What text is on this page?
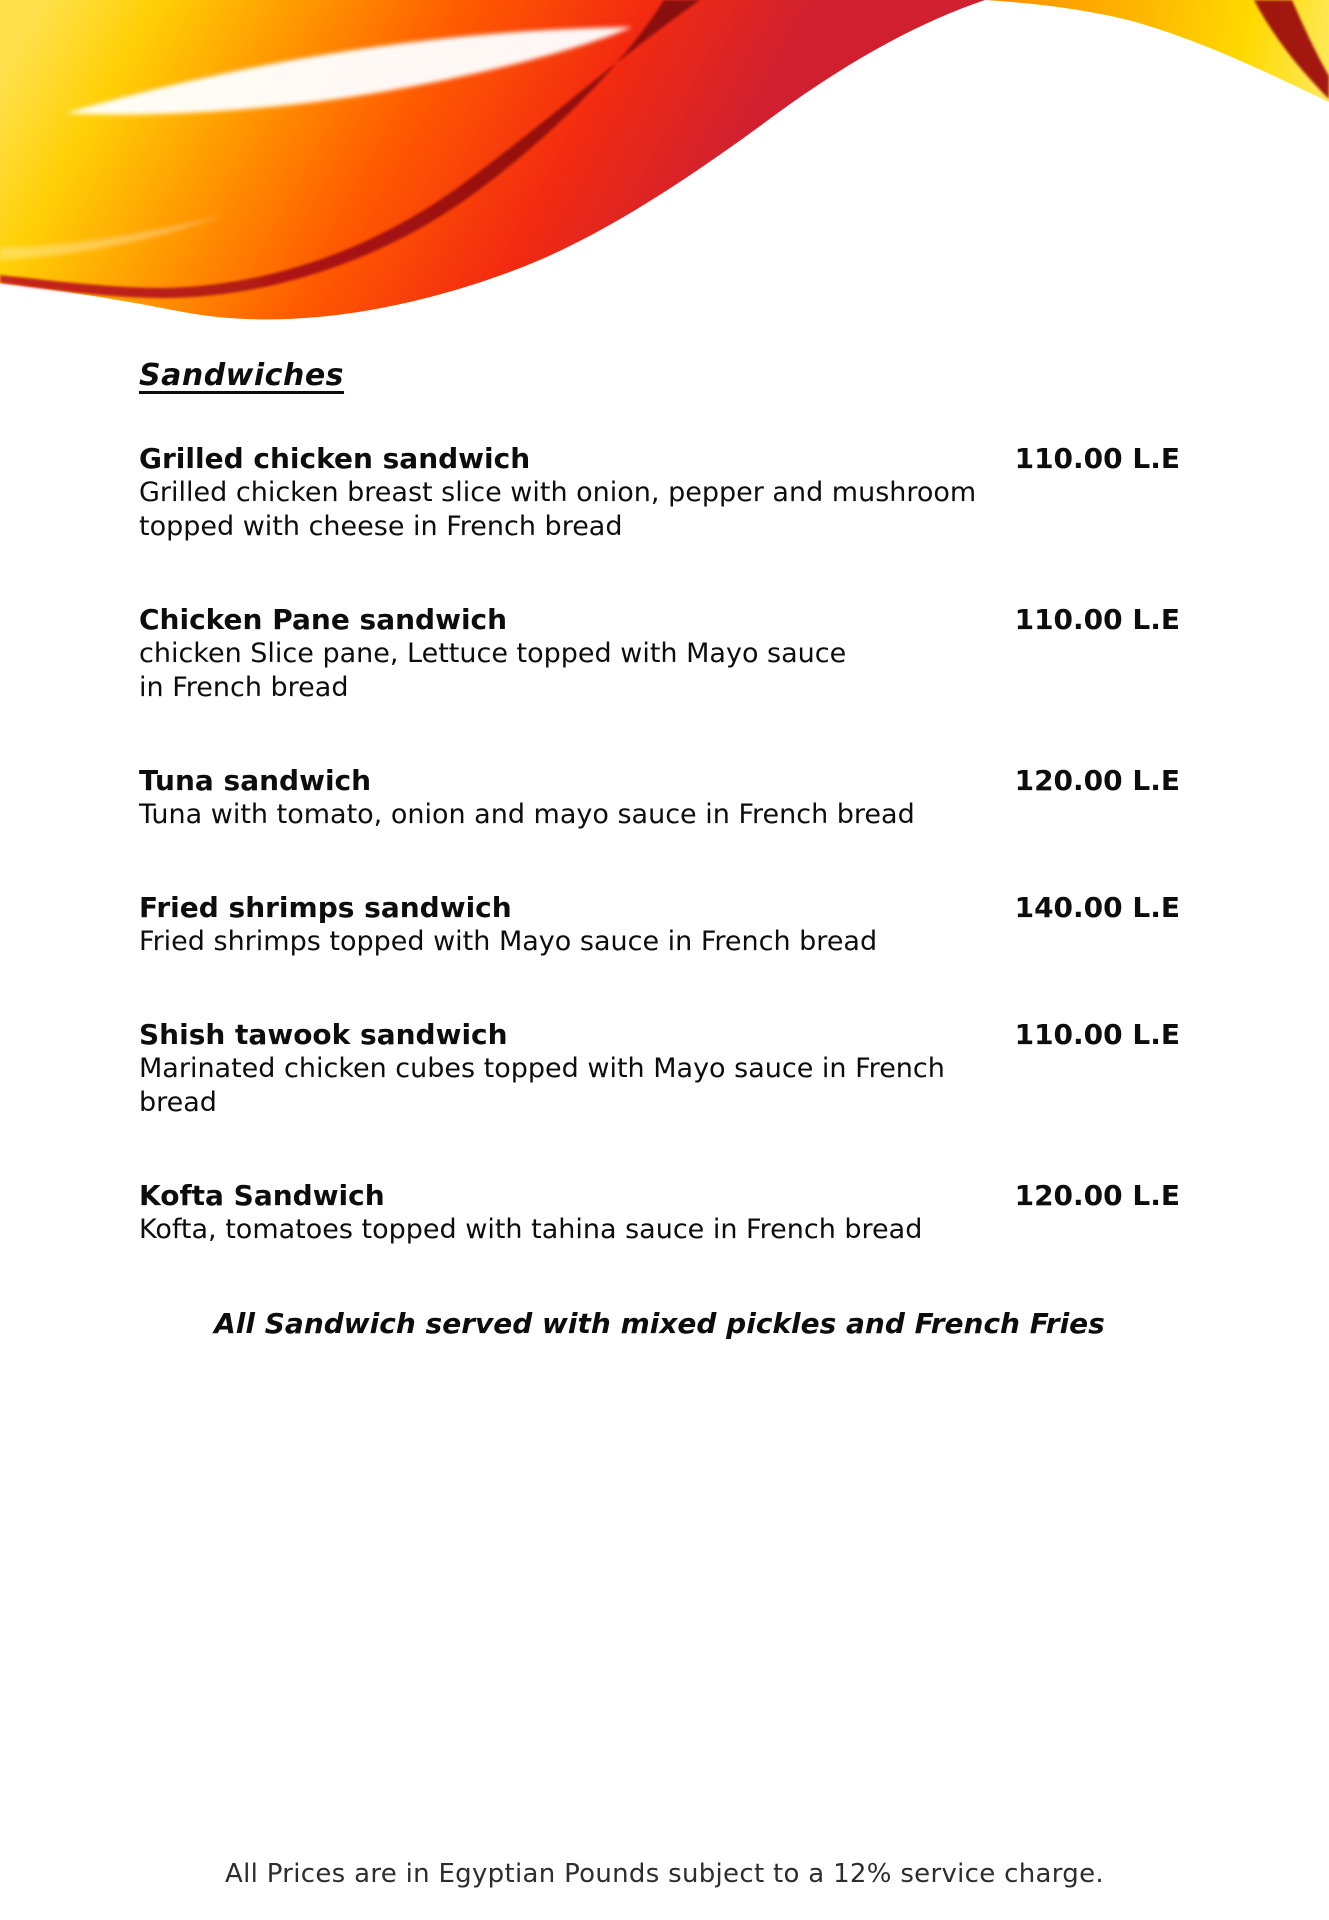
Sandwiches
Grilled chicken sandwich	110.00 L.E
Grilled chicken breast slice with onion, pepper and mushroom
topped with cheese in French bread
Chicken Pane sandwich	110.00 L.E
chicken Slice pane, Lettuce topped with Mayo sauce
in French bread
Tuna sandwich	120.00 L.E
Tuna with tomato, onion and mayo sauce in French bread
Fried shrimps sandwich	140.00 L.E
Fried shrimps topped with Mayo sauce in French bread
Shish tawook sandwich	110.00 L.E
Marinated chicken cubes topped with Mayo sauce in French
bread
Kofta Sandwich	120.00 L.E
Kofta, tomatoes topped with tahina sauce in French bread
All Sandwich served with mixed pickles and French Fries
All Prices are in Egyptian Pounds subject to a 12% service charge.
